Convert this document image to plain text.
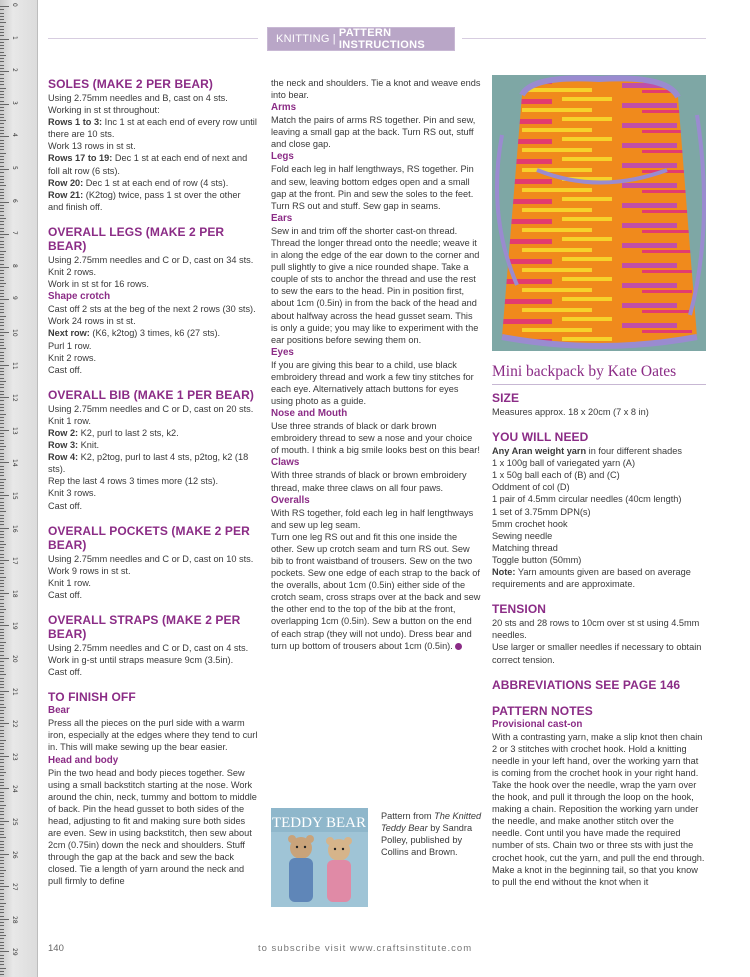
0
1
2
3
4
5
6
7
8
9
10
11
12
13
14
15
16
17
18
19
20
21
22
23
24
25
26
27
28
29
KNITTING | PATTERN INSTRUCTIONS
SOLES (MAKE 2 PER BEAR)

Using 2.75mm needles and B, cast on 4 sts.

Working in st st throughout:

Rows 1 to 3: Inc 1 st at each end of every row until there are 10 sts.

Work 13 rows in st st.

Rows 17 to 19: Dec 1 st at each end of next and foll alt row (6 sts).

Row 20: Dec 1 st at each end of row (4 sts).

Row 21: (K2tog) twice, pass 1 st over the other and finish off.

OVERALL LEGS (MAKE 2 PER BEAR)

Using 2.75mm needles and C or D, cast on 34 sts.

Knit 2 rows.

Work in st st for 16 rows.

Shape crotch

Cast off 2 sts at the beg of the next 2 rows (30 sts).

Work 24 rows in st st.

Next row: (K6, k2tog) 3 times, k6 (27 sts).

Purl 1 row.

Knit 2 rows.

Cast off.

OVERALL BIB (MAKE 1 PER BEAR)

Using 2.75mm needles and C or D, cast on 20 sts.

Knit 1 row.

Row 2: K2, purl to last 2 sts, k2.

Row 3: Knit.

Row 4: K2, p2tog, purl to last 4 sts, p2tog, k2 (18 sts).

Rep the last 4 rows 3 times more (12 sts).

Knit 3 rows.

Cast off.

OVERALL POCKETS (MAKE 2 PER BEAR)

Using 2.75mm needles and C or D, cast on 10 sts.

Work 9 rows in st st.

Knit 1 row.

Cast off.

OVERALL STRAPS (MAKE 2 PER BEAR)

Using 2.75mm needles and C or D, cast on 4 sts.

Work in g-st until straps measure 9cm (3.5in).

Cast off.

TO FINISH OFF
Bear

Press all the pieces on the purl side with a warm iron, especially at the edges where they tend to curl in. This will make sewing up the bear easier.

Head and body

Pin the two head and body pieces together. Sew using a small backstitch starting at the nose. Work around the chin, neck, tummy and bottom to middle of back. Pin the head gusset to both sides of the head, adjusting to fit and making sure both sides are even. Sew in using backstitch, then sew about 2cm (0.75in) down the neck and shoulders. Stuff through the gap at the back and sew the back closed. Tie a length of yarn around the neck and pull firmly to define

the neck and shoulders. Tie a knot and weave ends into bear.

Arms

Match the pairs of arms RS together. Pin and sew, leaving a small gap at the back. Turn RS out, stuff and close gap.

Legs

Fold each leg in half lengthways, RS together. Pin and sew, leaving bottom edges open and a small gap at the front. Pin and sew the soles to the feet. Turn RS out and stuff. Sew gap in seams.

Ears

Sew in and trim off the shorter cast-on thread. Thread the longer thread onto the needle; weave it in along the edge of the ear down to the corner and pull slightly to give a nice rounded shape. Take a couple of sts to anchor the thread and use the rest to sew the ears to the head. Pin in position first, about 1cm (0.5in) in from the back of the head and about halfway across the head gusset seam. This is only a guide; you may like to experiment with the ear positions before sewing them on.

Eyes

If you are giving this bear to a child, use black embroidery thread and work a few tiny stitches for each eye. Alternatively attach buttons for eyes using photo as a guide.

Nose and Mouth

Use three strands of black or dark brown embroidery thread to sew a nose and your choice of mouth. I think a big smile looks best on this bear!

Claws

With three strands of black or brown embroidery thread, make three claws on all four paws.

Overalls

With RS together, fold each leg in half lengthways and sew up leg seam.

Turn one leg RS out and fit this one inside the other. Sew up crotch seam and turn RS out. Sew bib to front waistband of trousers. Sew on the two pockets. Sew one edge of each strap to the back of the overalls, about 1cm (0.5in) either side of the crotch seam, cross straps over at the back and sew the other end to the top of the bib at the front, overlapping 1cm (0.5in). Sew a button on the end of each strap (they will not undo). Dress bear and turn up bottom of trousers about 1cm (0.5in).

TEDDY BEAR Pattern from The Knitted Teddy Bear by Sandra Polley, published by Collins and Brown.
Mini backpack by Kate Oates
SIZE

Measures approx. 18 x 20cm (7 x 8 in)

YOU WILL NEED

Any Aran weight yarn in four different shades

1 x 100g ball of variegated yarn (A)

1 x 50g ball each of (B) and (C)

Oddment of col (D)

1 pair of 4.5mm circular needles (40cm length)

1 set of 3.75mm DPN(s)

5mm crochet hook

Sewing needle

Matching thread

Toggle button (50mm)

Note: Yarn amounts given are based on average requirements and are approximate.

TENSION

20 sts and 28 rows to 10cm over st st using 4.5mm needles.

Use larger or smaller needles if necessary to obtain correct tension.

ABBREVIATIONS SEE PAGE 146
PATTERN NOTES
Provisional cast-on

With a contrasting yarn, make a slip knot then chain 2 or 3 stitches with crochet hook. Hold a knitting needle in your left hand, over the working yarn that is coming from the crochet hook in your right hand. Take the hook over the needle, wrap the yarn over the hook, and pull it through the loop on the hook, making a chain. Reposition the working yarn under the needle, and make another stitch over the needle. Cont until you have made the required number of sts. Chain two or three sts with just the crochet hook, cut the yarn, and pull the end through. Make a knot in the beginning tail, so that you know to pull the end without the knot when it

140	to subscribe visit www.craftsinstitute.com
